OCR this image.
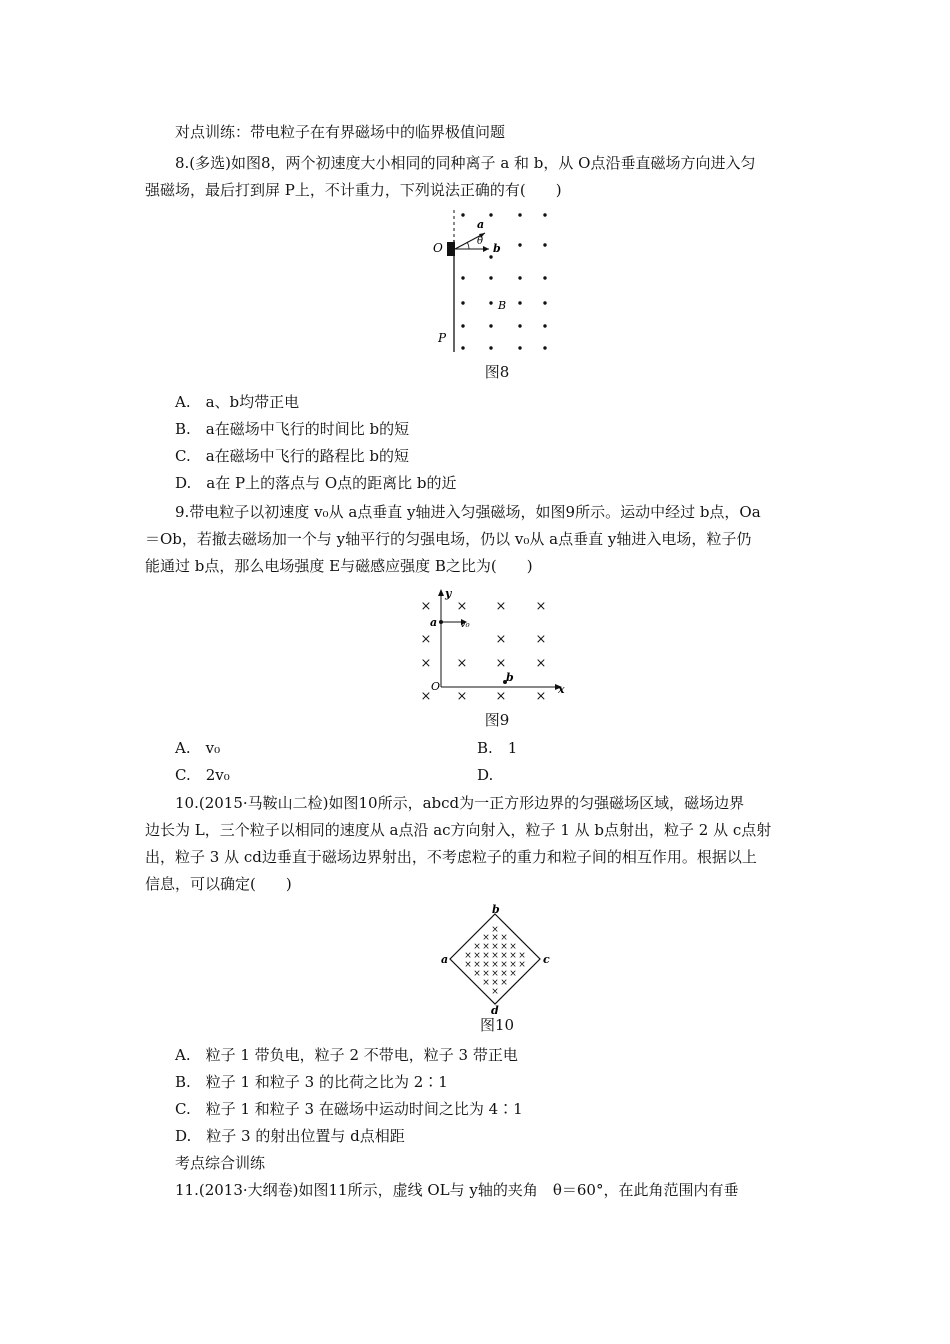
对点训练：带电粒子在有界磁场中的临界极值问题
8.(多选)如图8，两个初速度大小相同的同种离子 a 和 b，从 O点沿垂直磁场方向进入匀
强磁场，最后打到屏 P上，不计重力，下列说法正确的有(　　)
O
P
a
b
θ
B
图8
A.　a、b均带正电
B.　a在磁场中飞行的时间比 b的短
C.　a在磁场中飞行的路程比 b的短
D.　a在 P上的落点与 O点的距离比 b的近
9.带电粒子以初速度 v₀从 a点垂直 y轴进入匀强磁场，如图9所示。运动中经过 b点，Oa
＝Ob，若撤去磁场加一个与 y轴平行的匀强电场，仍以 v₀从 a点垂直 y轴进入电场，粒子仍
能通过 b点，那么电场强度 E与磁感应强度 B之比为(　　)
× × × ×
×	× ×
× × × ×
× × × ×
y
x
O
a
b
v₀
图9
A.　v₀	B.　1
C.　2v₀	D.
10.(2015·马鞍山二检)如图10所示，abcd为一正方形边界的匀强磁场区域，磁场边界
边长为 L，三个粒子以相同的速度从 a点沿 ac方向射入，粒子 1 从 b点射出，粒子 2 从 c点射
出，粒子 3 从 cd边垂直于磁场边界射出，不考虑粒子的重力和粒子间的相互作用。根据以上
信息，可以确定(　　)
×
× × ×
× × × × ×
× × × × × × ×
× × × × × × ×
× × × × ×
× × ×
×
b
a	c
d
图10
A.　粒子 1 带负电，粒子 2 不带电，粒子 3 带正电
B.　粒子 1 和粒子 3 的比荷之比为 2∶1
C.　粒子 1 和粒子 3 在磁场中运动时间之比为 4∶1
D.　粒子 3 的射出位置与 d点相距
考点综合训练
11.(2013·大纲卷)如图11所示，虚线 OL与 y轴的夹角　θ＝60°，在此角范围内有垂
